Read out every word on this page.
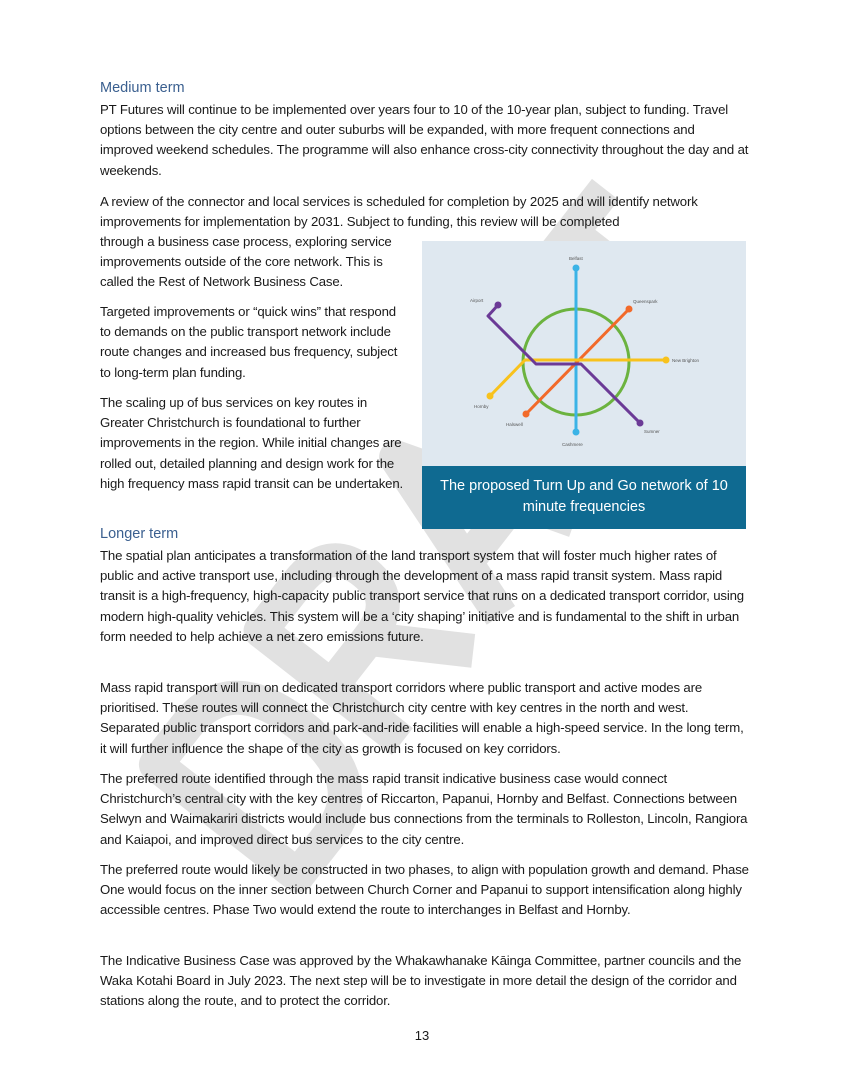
Medium term

PT Futures will continue to be implemented over years four to 10 of the 10-year plan, subject to funding. Travel options between the city centre and outer suburbs will be expanded, with more frequent connections and improved weekend schedules. The programme will also enhance cross-city connectivity throughout the day and at weekends.

A review of the connector and local services is scheduled for completion by 2025 and will identify network improvements for implementation by 2031. Subject to funding, this review will be completed

through a business case process, exploring service improvements outside of the core network. This is called the Rest of Network Business Case.

Targeted improvements or “quick wins” that respond to demands on the public transport network include route changes and increased bus frequency, subject to long-term plan funding.

The scaling up of bus services on key routes in Greater Christchurch is foundational to further improvements in the region. While initial changes are rolled out, detailed planning and design work for the high frequency mass rapid transit can be undertaken.

Belfast
Airport	Queenspark
New Brighton
Hornby
Halswell
Cashmere
Sumner
The proposed Turn Up and Go network of 10 minute frequencies
Longer term

The spatial plan anticipates a transformation of the land transport system that will foster much higher rates of public and active transport use, including through the development of a mass rapid transit system. Mass rapid transit is a high-frequency, high-capacity public transport service that runs on a dedicated transport corridor, using modern high-quality vehicles. This system will be a ‘city shaping’ initiative and is fundamental to the shift in urban form needed to help achieve a net zero emissions future.

Mass rapid transport will run on dedicated transport corridors where public transport and active modes are prioritised. These routes will connect the Christchurch city centre with key centres in the north and west. Separated public transport corridors and park-and-ride facilities will enable a high-speed service. In the long term, it will further influence the shape of the city as growth is focused on key corridors.

The preferred route identified through the mass rapid transit indicative business case would connect Christchurch’s central city with the key centres of Riccarton, Papanui, Hornby and Belfast. Connections between Selwyn and Waimakariri districts would include bus connections from the terminals to Rolleston, Lincoln, Rangiora and Kaiapoi, and improved direct bus services to the city centre.

The preferred route would likely be constructed in two phases, to align with population growth and demand. Phase One would focus on the inner section between Church Corner and Papanui to support intensification along highly accessible centres. Phase Two would extend the route to interchanges in Belfast and Hornby.

The Indicative Business Case was approved by the Whakawhanake Kāinga Committee, partner councils and the Waka Kotahi Board in July 2023. The next step will be to investigate in more detail the design of the corridor and stations along the route, and to protect the corridor.

13
